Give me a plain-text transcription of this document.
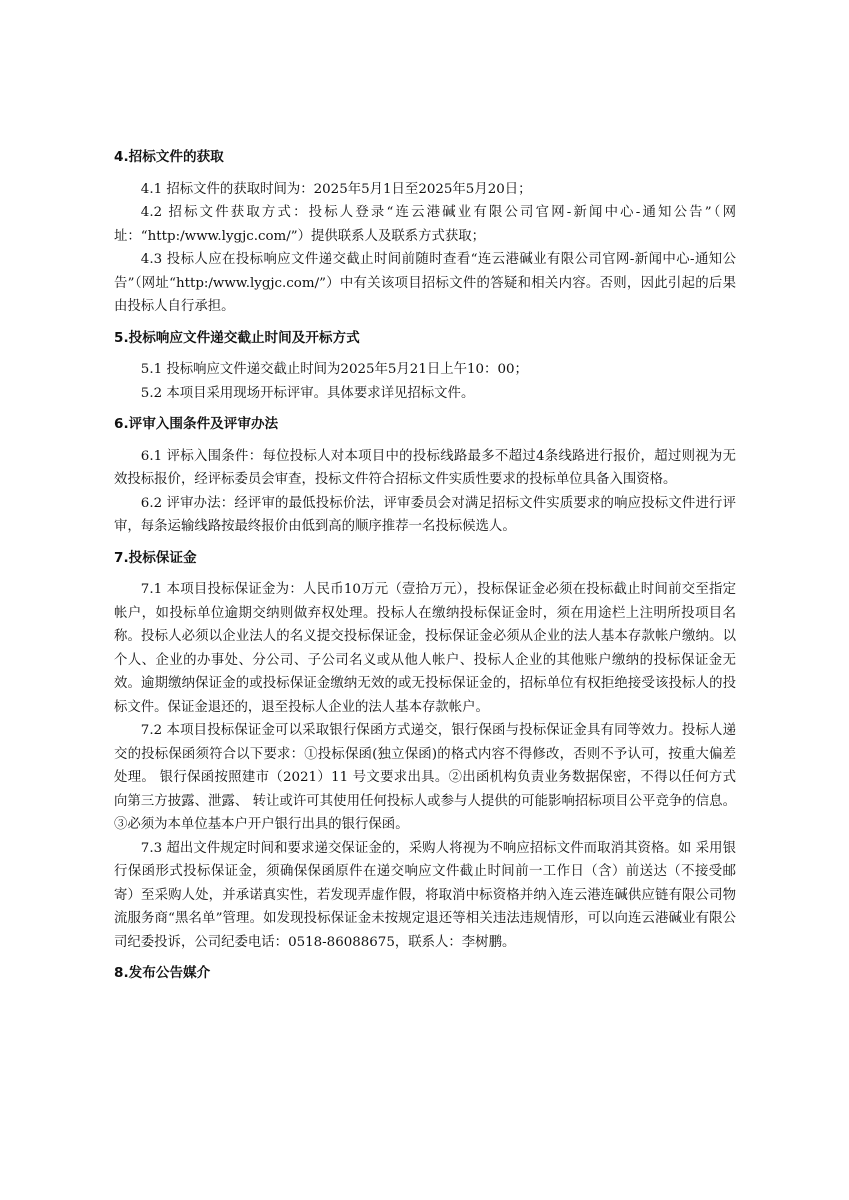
4.招标文件的获取

4.1 招标文件的获取时间为：2025年5月1日至2025年5月20日；

4.2 招标文件获取方式：投标人登录“连云港碱业有限公司官网-新闻中心-通知公告”（网址：“http:/www.lygjc.com/”）提供联系人及联系方式获取；

4.3 投标人应在投标响应文件递交截止时间前随时查看“连云港碱业有限公司官网-新闻中心-通知公告”（网址“http:/www.lygjc.com/”）中有关该项目招标文件的答疑和相关内容。否则，因此引起的后果由投标人自行承担。

5.投标响应文件递交截止时间及开标方式

5.1 投标响应文件递交截止时间为2025年5月21日上午10：00；

5.2 本项目采用现场开标评审。具体要求详见招标文件。

6.评审入围条件及评审办法

6.1 评标入围条件：每位投标人对本项目中的投标线路最多不超过4条线路进行报价，超过则视为无效投标报价，经评标委员会审查，投标文件符合招标文件实质性要求的投标单位具备入围资格。

6.2 评审办法：经评审的最低投标价法，评审委员会对满足招标文件实质要求的响应投标文件进行评审，每条运输线路按最终报价由低到高的顺序推荐一名投标候选人。

7.投标保证金

7.1 本项目投标保证金为：人民币10万元（壹拾万元），投标保证金必须在投标截止时间前交至指定帐户，如投标单位逾期交纳则做弃权处理。投标人在缴纳投标保证金时，须在用途栏上注明所投项目名称。投标人必须以企业法人的名义提交投标保证金，投标保证金必须从企业的法人基本存款帐户缴纳。以个人、企业的办事处、分公司、子公司名义或从他人帐户、投标人企业的其他账户缴纳的投标保证金无效。逾期缴纳保证金的或投标保证金缴纳无效的或无投标保证金的，招标单位有权拒绝接受该投标人的投标文件。保证金退还的，退至投标人企业的法人基本存款帐户。

7.2 本项目投标保证金可以采取银行保函方式递交，银行保函与投标保证金具有同等效力。投标人递交的投标保函须符合以下要求：①投标保函(独立保函)的格式内容不得修改，否则不予认可，按重大偏差处理。 银行保函按照建市（2021）11 号文要求出具。②出函机构负责业务数据保密，不得以任何方式向第三方披露、泄露、 转让或许可其使用任何投标人或参与人提供的可能影响招标项目公平竞争的信息。 ③必须为本单位基本户开户银行出具的银行保函。

7.3 超出文件规定时间和要求递交保证金的，采购人将视为不响应招标文件而取消其资格。如 采用银行保函形式投标保证金，须确保保函原件在递交响应文件截止时间前一工作日（含）前送达（不接受邮寄）至采购人处，并承诺真实性，若发现弄虚作假，将取消中标资格并纳入连云港连碱供应链有限公司物流服务商“黑名单”管理。如发现投标保证金未按规定退还等相关违法违规情形，可以向连云港碱业有限公司纪委投诉，公司纪委电话：0518-86088675，联系人：李树鹏。

8.发布公告媒介
